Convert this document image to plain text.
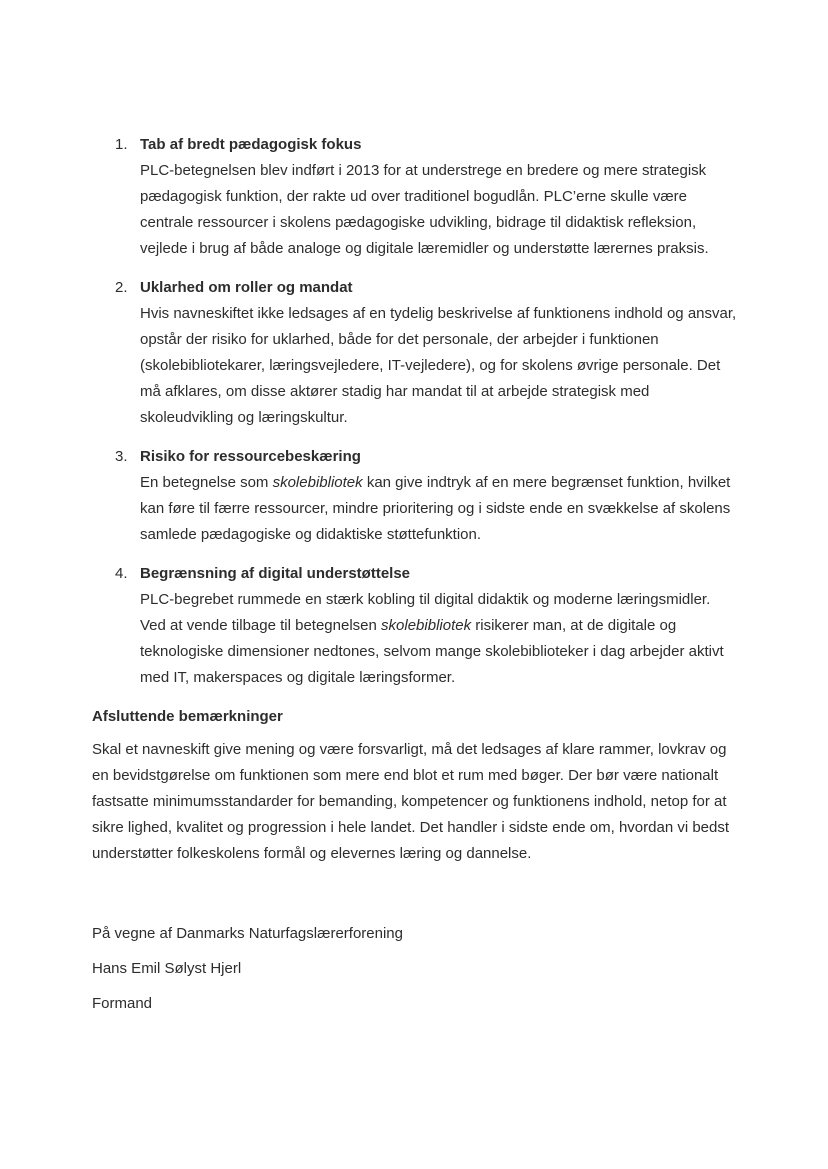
1. Tab af bredt pædagogisk fokus

PLC-betegnelsen blev indført i 2013 for at understrege en bredere og mere strategisk pædagogisk funktion, der rakte ud over traditionel bogudlån. PLC’erne skulle være centrale ressourcer i skolens pædagogiske udvikling, bidrage til didaktisk refleksion, vejlede i brug af både analoge og digitale læremidler og understøtte lærernes praksis.

2. Uklarhed om roller og mandat

Hvis navneskiftet ikke ledsages af en tydelig beskrivelse af funktionens indhold og ansvar, opstår der risiko for uklarhed, både for det personale, der arbejder i funktionen (skolebibliotekarer, læringsvejledere, IT-vejledere), og for skolens øvrige personale. Det må afklares, om disse aktører stadig har mandat til at arbejde strategisk med skoleudvikling og læringskultur.

3. Risiko for ressourcebeskæring

En betegnelse som skolebibliotek kan give indtryk af en mere begrænset funktion, hvilket kan føre til færre ressourcer, mindre prioritering og i sidste ende en svækkelse af skolens samlede pædagogiske og didaktiske støttefunktion.

4. Begrænsning af digital understøttelse

PLC-begrebet rummede en stærk kobling til digital didaktik og moderne læringsmidler. Ved at vende tilbage til betegnelsen skolebibliotek risikerer man, at de digitale og teknologiske dimensioner nedtones, selvom mange skolebiblioteker i dag arbejder aktivt med IT, makerspaces og digitale læringsformer.

Afsluttende bemærkninger

Skal et navneskift give mening og være forsvarligt, må det ledsages af klare rammer, lovkrav og en bevidstgørelse om funktionen som mere end blot et rum med bøger. Der bør være nationalt fastsatte minimumsstandarder for bemanding, kompetencer og funktionens indhold, netop for at sikre lighed, kvalitet og progression i hele landet. Det handler i sidste ende om, hvordan vi bedst understøtter folkeskolens formål og elevernes læring og dannelse.

På vegne af Danmarks Naturfagslærerforening

Hans Emil Sølyst Hjerl

Formand
